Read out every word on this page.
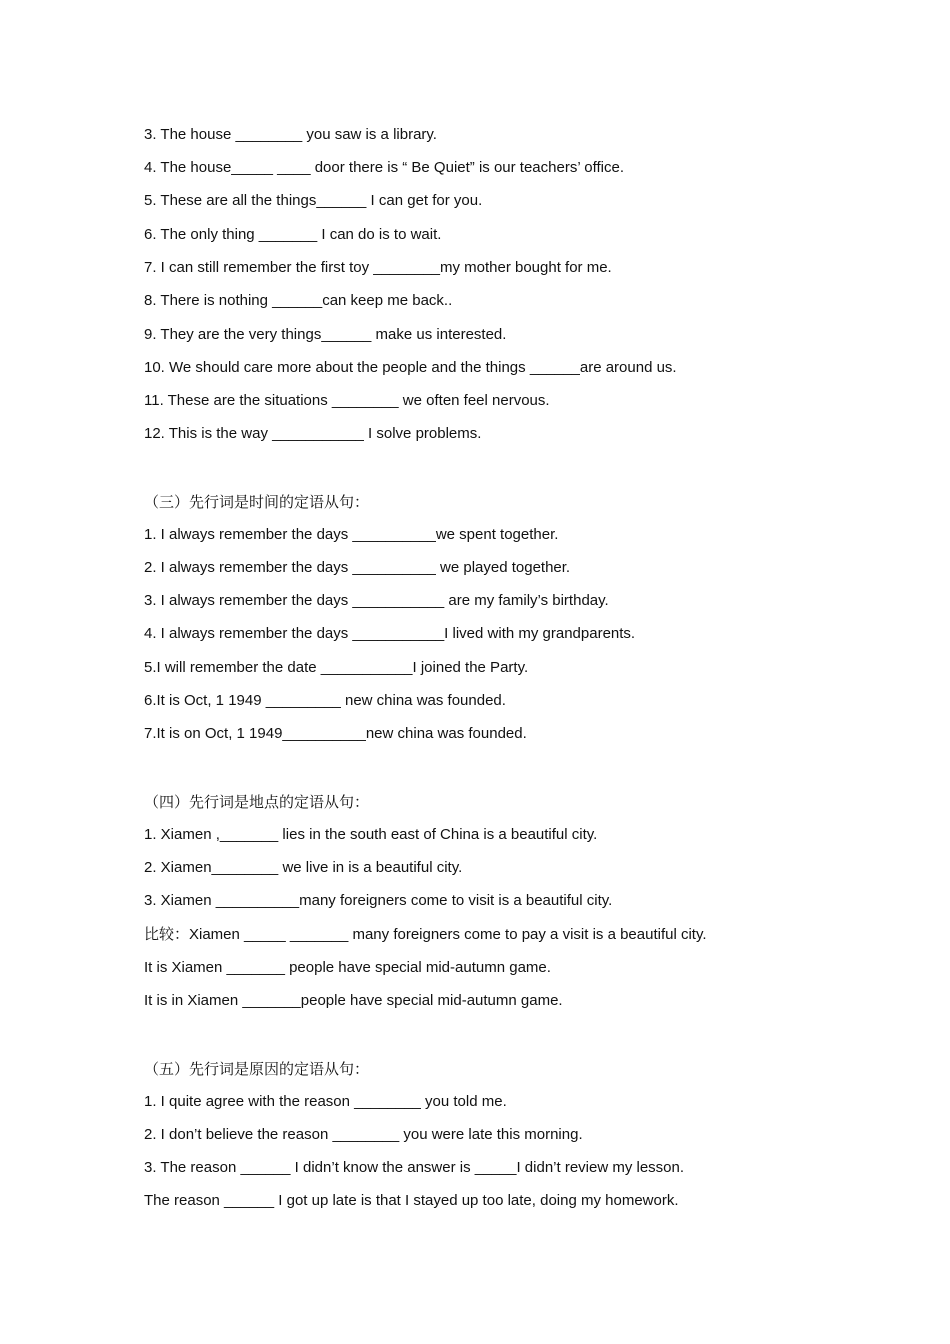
3. The house ________ you saw is a library.
4. The house_____ ____ door there is “ Be Quiet” is our teachers’ office.
5. These are all the things______ I can get for you.
6. The only thing _______ I can do is to wait.
7. I can still remember the first toy ________my mother bought for me.
8. There is nothing ______can keep me back..
9. They are the very things______ make us interested.
10. We should care more about the people and the things ______are around us.
11. These are the situations ________ we often feel nervous.
12. This is the way ___________ I solve problems.
（三）先行词是时间的定语从句：
1. I always remember the days __________we spent together.
2. I always remember the days __________ we played together.
3. I always remember the days ___________ are my family’s birthday.
4. I always remember the days ___________I lived with my grandparents.
5.I will remember the date ___________I joined the Party.
6.It is Oct, 1 1949 _________ new china was founded.
7.It is on Oct, 1 1949__________new china was founded.
（四）先行词是地点的定语从句：
1. Xiamen ,_______ lies in the south east of China is a beautiful city.
2. Xiamen________ we live in is a beautiful city.
3. Xiamen __________many foreigners come to visit is a beautiful city.
比较：Xiamen _____ _______ many foreigners come to pay a visit is a beautiful city.
It is Xiamen _______ people have special mid-autumn game.
It is in Xiamen _______people have special mid-autumn game.
（五）先行词是原因的定语从句：
1. I quite agree with the reason ________ you told me.
2. I don’t believe the reason ________ you were late this morning.
3. The reason ______ I didn’t know the answer is _____I didn’t review my lesson.
The reason ______ I got up late is that I stayed up too late, doing my homework.
